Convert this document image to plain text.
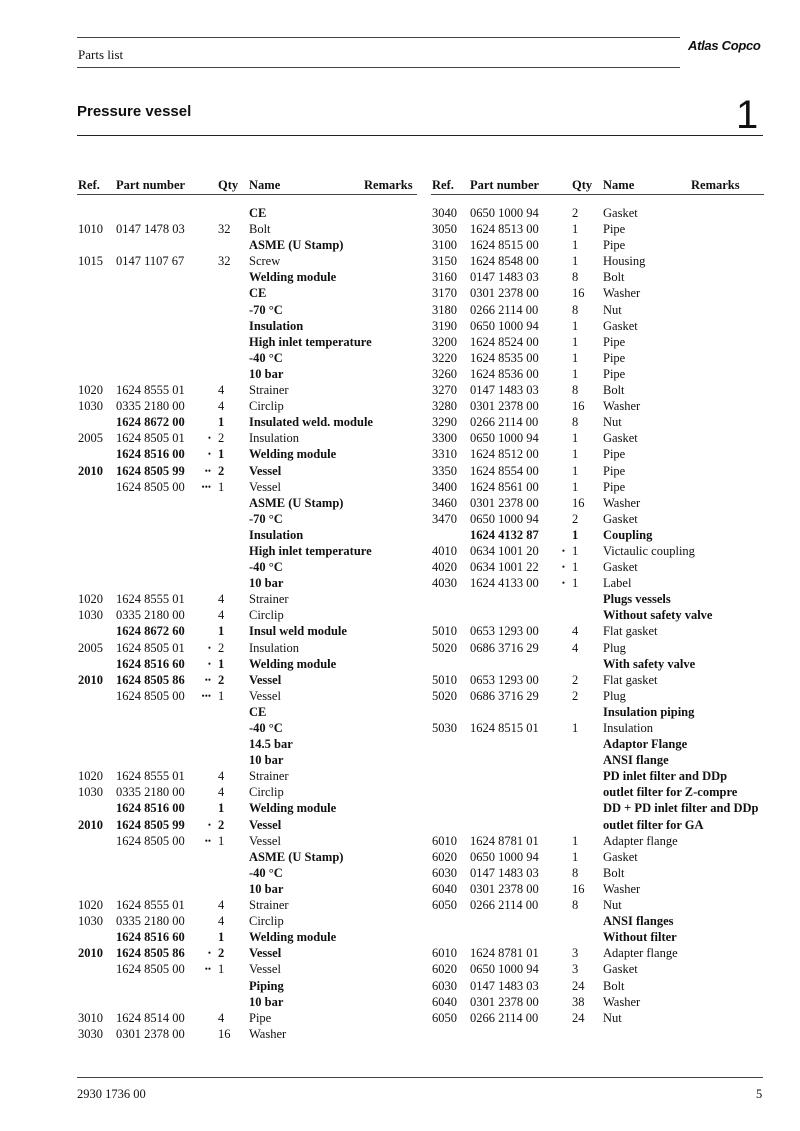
Parts list
Atlas Copco
Pressure vessel	1
Ref. Part number	Qty Name	Remarks Ref. Part number	Qty Name	Remarks
CE
1010 0147 1478 03	32 Bolt
ASME (U Stamp)
1015 0147 1107 67	32 Screw
Welding module
CE
-70 °C
Insulation
High inlet temperature
-40 °C
10 bar
1020 1624 8555 01	4 Strainer
1030 0335 2180 00	4 Circlip
1624 8672 00	1 Insulated weld. module
2005 1624 8505 01	• 2 Insulation
1624 8516 00	• 1 Welding module
2010 1624 8505 99	•• 2 Vessel
1624 8505 00	••• 1 Vessel
ASME (U Stamp)
-70 °C
Insulation
High inlet temperature
-40 °C
10 bar
1020 1624 8555 01	4 Strainer
1030 0335 2180 00	4 Circlip
1624 8672 60	1 Insul weld module
2005 1624 8505 01	• 2 Insulation
1624 8516 60	• 1 Welding module
2010 1624 8505 86	•• 2 Vessel
1624 8505 00	••• 1 Vessel
CE
-40 °C
14.5 bar
10 bar
1020 1624 8555 01	4 Strainer
1030 0335 2180 00	4 Circlip
1624 8516 00	1 Welding module
2010 1624 8505 99	• 2 Vessel
1624 8505 00	•• 1 Vessel
ASME (U Stamp)
-40 °C
10 bar
1020 1624 8555 01	4 Strainer
1030 0335 2180 00	4 Circlip
1624 8516 60	1 Welding module
2010 1624 8505 86	• 2 Vessel
1624 8505 00	•• 1 Vessel
Piping
10 bar
3010 1624 8514 00	4 Pipe
3030 0301 2378 00	16 Washer
3040 0650 1000 94	2 Gasket
3050 1624 8513 00	1 Pipe
3100 1624 8515 00	1 Pipe
3150 1624 8548 00	1 Housing
3160 0147 1483 03	8 Bolt
3170 0301 2378 00	16 Washer
3180 0266 2114 00	8 Nut
3190 0650 1000 94	1 Gasket
3200 1624 8524 00	1 Pipe
3220 1624 8535 00	1 Pipe
3260 1624 8536 00	1 Pipe
3270 0147 1483 03	8 Bolt
3280 0301 2378 00	16 Washer
3290 0266 2114 00	8 Nut
3300 0650 1000 94	1 Gasket
3310 1624 8512 00	1 Pipe
3350 1624 8554 00	1 Pipe
3400 1624 8561 00	1 Pipe
3460 0301 2378 00	16 Washer
3470 0650 1000 94	2 Gasket
1624 4132 87	1 Coupling
4010 0634 1001 20	• 1 Victaulic coupling
4020 0634 1001 22	• 1 Gasket
4030 1624 4133 00	• 1 Label
Plugs vessels
Without safety valve
5010 0653 1293 00	4 Flat gasket
5020 0686 3716 29	4 Plug
With safety valve
5010 0653 1293 00	2 Flat gasket
5020 0686 3716 29	2 Plug
Insulation piping
5030 1624 8515 01	1 Insulation
Adaptor Flange
ANSI flange
PD inlet filter and DDp
outlet filter for Z-compre
DD + PD inlet filter and DDp
outlet filter for GA
6010 1624 8781 01	1 Adapter flange
6020 0650 1000 94	1 Gasket
6030 0147 1483 03	8 Bolt
6040 0301 2378 00	16 Washer
6050 0266 2114 00	8 Nut
ANSI flanges
Without filter
6010 1624 8781 01	3 Adapter flange
6020 0650 1000 94	3 Gasket
6030 0147 1483 03	24 Bolt
6040 0301 2378 00	38 Washer
6050 0266 2114 00	24 Nut
2930 1736 00	5
